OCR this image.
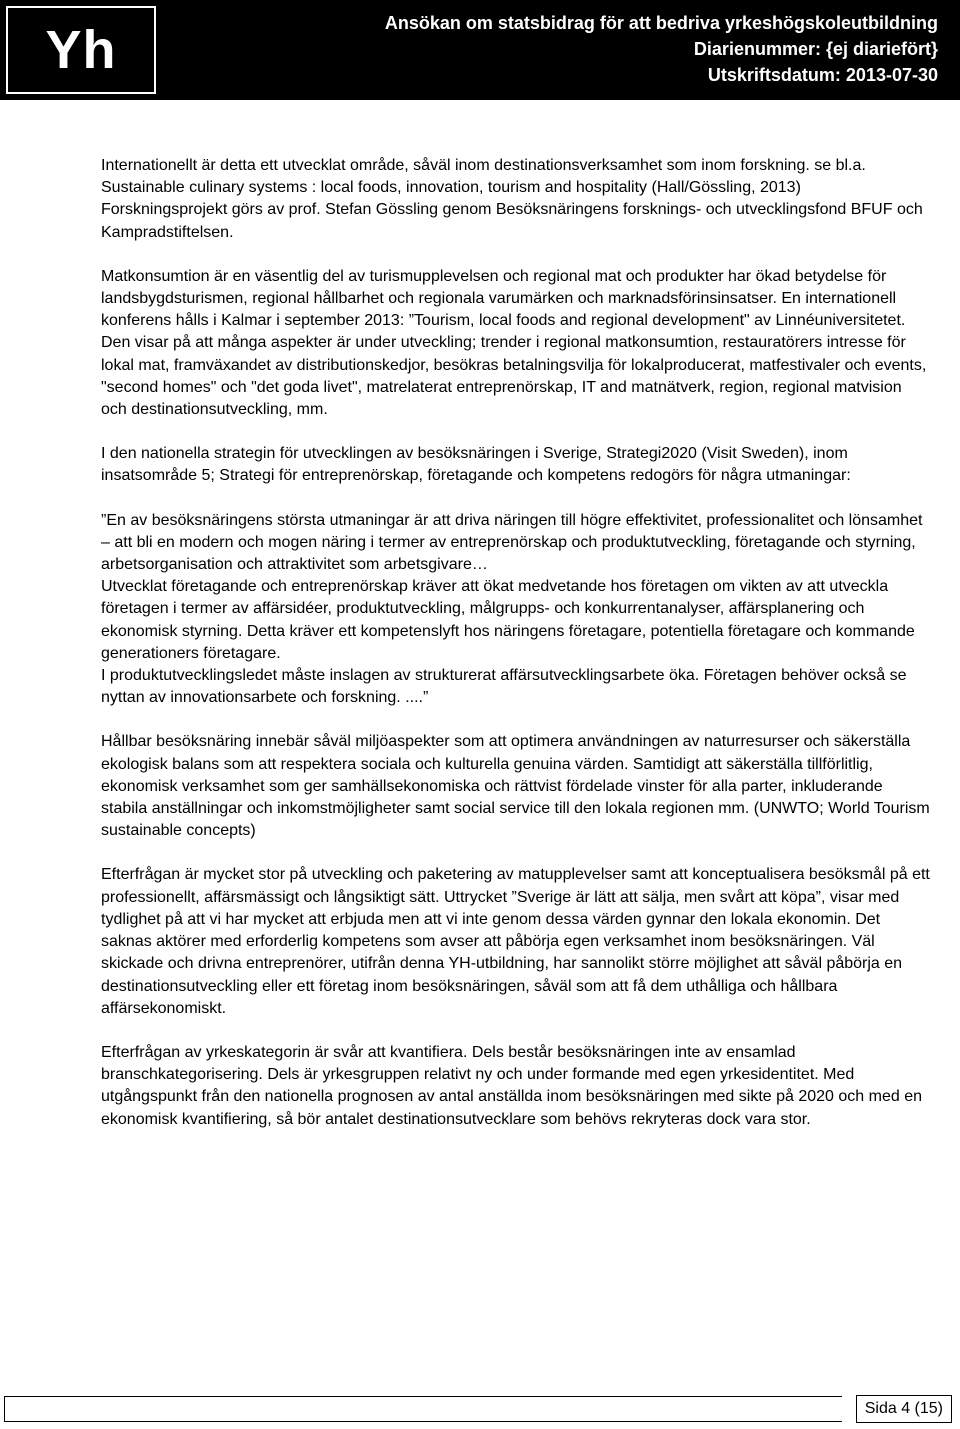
Yh	Ansökan om statsbidrag för att bedriva yrkeshögskoleutbildning
Diarienummer: {ej diariefört}
Utskriftsdatum: 2013-07-30

Internationellt är detta ett utvecklat område, såväl inom destinationsverksamhet som inom forskning. se bl.a. Sustainable culinary systems : local foods, innovation, tourism and hospitality (Hall/Gössling, 2013) Forskningsprojekt görs av prof. Stefan Gössling genom Besöksnäringens forsknings- och utvecklingsfond BFUF och Kampradstiftelsen.

Matkonsumtion är en väsentlig del av turismupplevelsen och regional mat och produkter har ökad betydelse för landsbygdsturismen, regional hållbarhet och regionala varumärken och marknadsförinsinsatser. En internationell konferens hålls i Kalmar i september 2013: ”Tourism, local foods and regional development" av Linnéuniversitetet. Den visar på att många aspekter är under utveckling; trender i regional matkonsumtion, restauratörers intresse för lokal mat, framväxandet av distributionskedjor, besökras betalningsvilja för lokalproducerat, matfestivaler och events, "second homes" och "det goda livet", matrelaterat entreprenörskap, IT and matnätverk, region, regional matvision och destinationsutveckling, mm.

I den nationella strategin för utvecklingen av besöksnäringen i Sverige, Strategi2020 (Visit Sweden), inom insatsområde 5; Strategi för entreprenörskap, företagande och kompetens redogörs för några utmaningar:

”En av besöksnäringens största utmaningar är att driva näringen till högre effektivitet, professionalitet och lönsamhet – att bli en modern och mogen näring i termer av entreprenörskap och produktutveckling, företagande och styrning, arbetsorganisation och attraktivitet som arbetsgivare…

Utvecklat företagande och entreprenörskap kräver att ökat medvetande hos företagen om vikten av att utveckla företagen i termer av affärsidéer, produktutveckling, målgrupps- och konkurrentanalyser, affärsplanering och ekonomisk styrning. Detta kräver ett kompetenslyft hos näringens företagare, potentiella företagare och kommande generationers företagare.

I produktutvecklingsledet måste inslagen av strukturerat affärsutvecklingsarbete öka. Företagen behöver också se nyttan av innovationsarbete och forskning. ....”

Hållbar besöksnäring innebär såväl miljöaspekter som att optimera användningen av naturresurser och säkerställa ekologisk balans som att respektera sociala och kulturella genuina värden. Samtidigt att säkerställa tillförlitlig, ekonomisk verksamhet som ger samhällsekonomiska och rättvist fördelade vinster för alla parter, inkluderande stabila anställningar och inkomstmöjligheter samt social service till den lokala regionen mm. (UNWTO; World Tourism sustainable concepts)

Efterfrågan är mycket stor på utveckling och paketering av matupplevelser samt att konceptualisera besöksmål på ett professionellt, affärsmässigt och långsiktigt sätt. Uttrycket ”Sverige är lätt att sälja, men svårt att köpa”, visar med tydlighet på att vi har mycket att erbjuda men att vi inte genom dessa värden gynnar den lokala ekonomin. Det saknas aktörer med erforderlig kompetens som avser att påbörja egen verksamhet inom besöksnäringen. Väl skickade och drivna entreprenörer, utifrån denna YH-utbildning, har sannolikt större möjlighet att såväl påbörja en destinationsutveckling eller ett företag inom besöksnäringen, såväl som att få dem uthålliga och hållbara affärsekonomiskt.

Efterfrågan av yrkeskategorin är svår att kvantifiera. Dels består besöksnäringen inte av ensamlad branschkategorisering. Dels är yrkesgruppen relativt ny och under formande med egen yrkesidentitet. Med utgångspunkt från den nationella prognosen av antal anställda inom besöksnäringen med sikte på 2020 och med en ekonomisk kvantifiering, så bör antalet destinationsutvecklare som behövs rekryteras dock vara stor.

Sida 4 (15)
